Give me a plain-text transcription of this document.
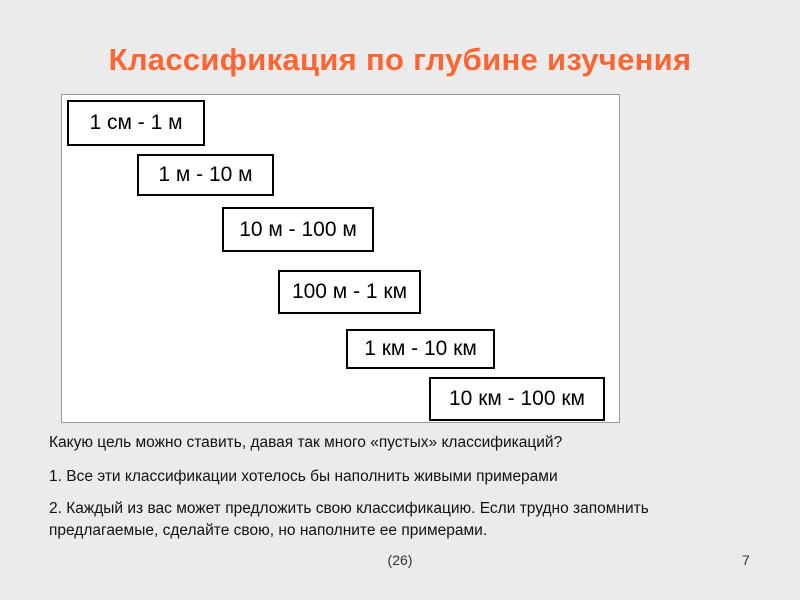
Классификация по глубине изучения
1 см - 1 м
1 м - 10 м
10 м - 100 м
100 м - 1 км
1 км - 10 км
10 км - 100 км
Какую цель можно ставить, давая так много «пустых» классификаций?
1. Все эти классификации хотелось бы наполнить живыми примерами
2. Каждый из вас может предложить свою классификацию. Если трудно запомнить предлагаемые, сделайте свою, но наполните ее примерами.
(26)	7
